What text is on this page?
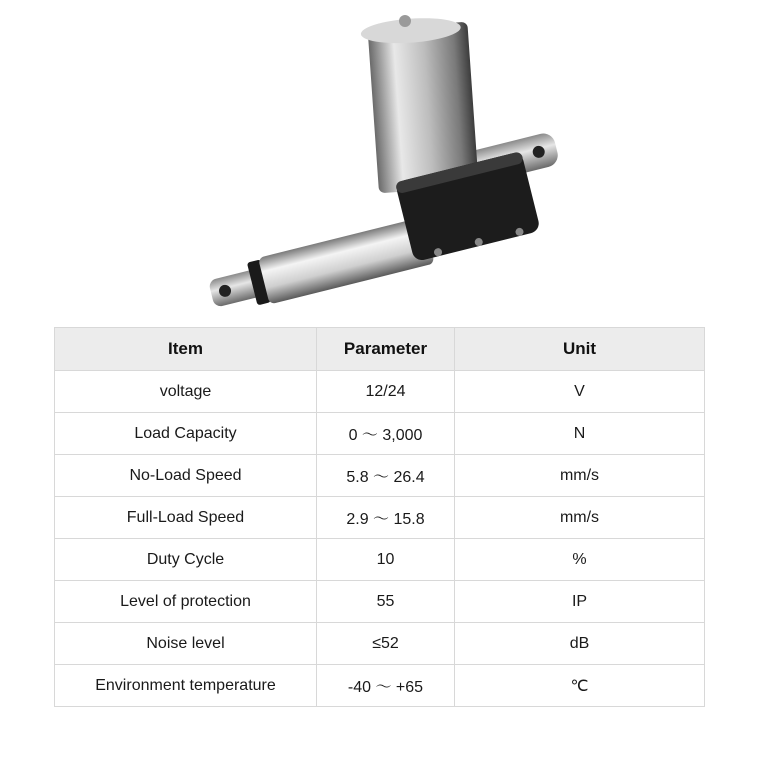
Item	Parameter	Unit
voltage	12/24	V
Load Capacity	0 ～ 3,000	N
No-Load Speed	5.8 ～ 26.4	mm/s
Full-Load Speed	2.9 ～ 15.8	mm/s
Duty Cycle	10	%
Level of protection	55	IP
Noise level	≤52	dB
Environment temperature	-40 ～ +65	℃
